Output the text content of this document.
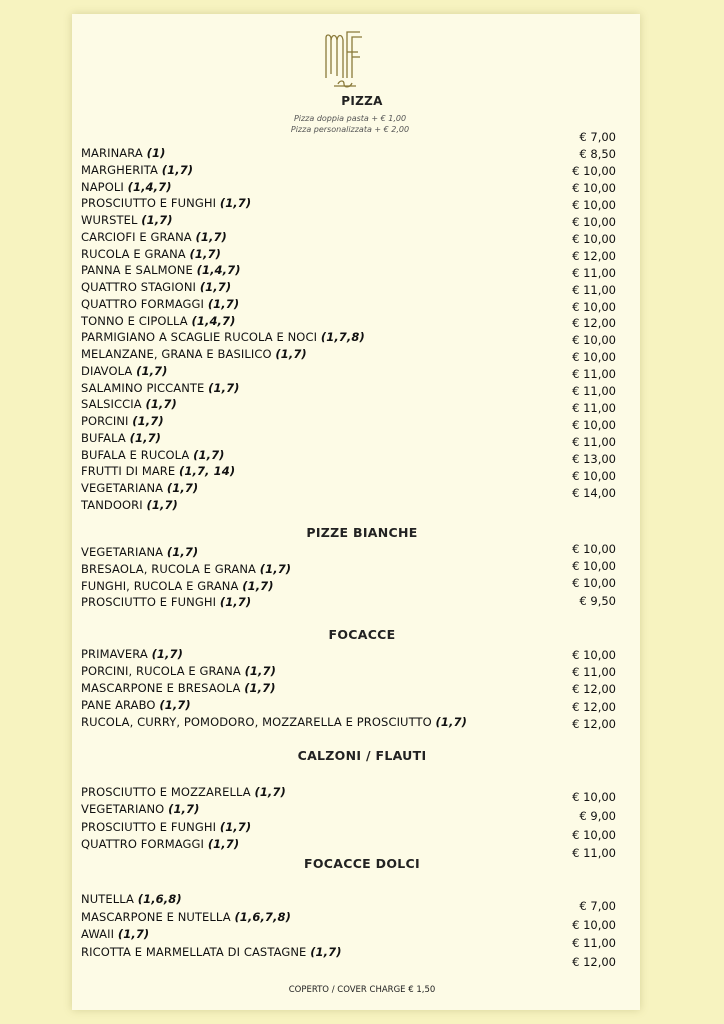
PIZZA
Pizza doppia pasta + € 1,00
Pizza personalizzata + € 2,00
MARINARA (1)
MARGHERITA (1,7)
NAPOLI (1,4,7)
PROSCIUTTO E FUNGHI (1,7)
WURSTEL (1,7)
CARCIOFI E GRANA (1,7)
RUCOLA E GRANA (1,7)
PANNA E SALMONE (1,4,7)
QUATTRO STAGIONI (1,7)
QUATTRO FORMAGGI (1,7)
TONNO E CIPOLLA (1,4,7)
PARMIGIANO A SCAGLIE RUCOLA E NOCI (1,7,8)
MELANZANE, GRANA E BASILICO (1,7)
DIAVOLA (1,7)
SALAMINO PICCANTE (1,7)
SALSICCIA (1,7)
PORCINI (1,7)
BUFALA (1,7)
BUFALA E RUCOLA (1,7)
FRUTTI DI MARE (1,7, 14)
VEGETARIANA (1,7)
TANDOORI (1,7)
€ 7,00
€ 8,50
€ 10,00
€ 10,00
€ 10,00
€ 10,00
€ 10,00
€ 12,00
€ 11,00
€ 11,00
€ 10,00
€ 12,00
€ 10,00
€ 10,00
€ 11,00
€ 11,00
€ 11,00
€ 10,00
€ 11,00
€ 13,00
€ 10,00
€ 14,00
PIZZE BIANCHE
VEGETARIANA (1,7)
BRESAOLA, RUCOLA E GRANA (1,7)
FUNGHI, RUCOLA E GRANA (1,7)
PROSCIUTTO E FUNGHI (1,7)
€ 10,00
€ 10,00
€ 10,00
€ 9,50
FOCACCE
PRIMAVERA (1,7)
PORCINI, RUCOLA E GRANA (1,7)
MASCARPONE E BRESAOLA (1,7)
PANE ARABO (1,7)
RUCOLA, CURRY, POMODORO, MOZZARELLA E PROSCIUTTO (1,7)
€ 10,00
€ 11,00
€ 12,00
€ 12,00
€ 12,00
CALZONI / FLAUTI
PROSCIUTTO E MOZZARELLA (1,7)
VEGETARIANO (1,7)
PROSCIUTTO E FUNGHI (1,7)
QUATTRO FORMAGGI (1,7)
€ 10,00
€ 9,00
€ 10,00
€ 11,00
FOCACCE DOLCI
NUTELLA (1,6,8)
MASCARPONE E NUTELLA (1,6,7,8)
AWAII (1,7)
RICOTTA E MARMELLATA DI CASTAGNE (1,7)
€ 7,00
€ 10,00
€ 11,00
€ 12,00
COPERTO / COVER CHARGE € 1,50
